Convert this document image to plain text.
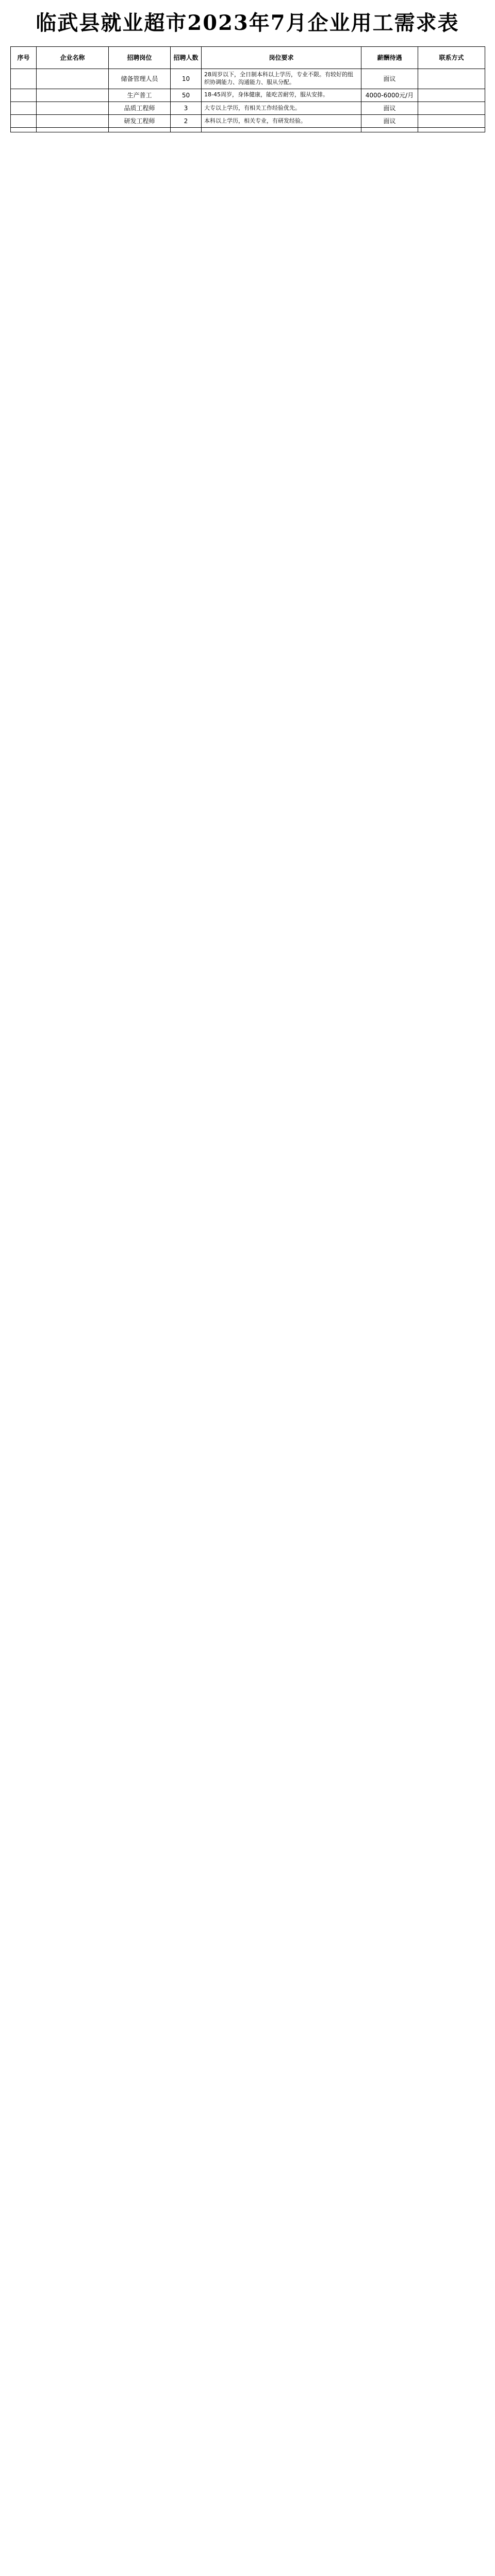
临武县就业超市2023年7月企业用工需求表
序号	企业名称	招聘岗位	招聘人数	岗位要求	薪酬待遇	联系方式
		储备管理人员	10	28周岁以下，全日制本科以上学历，专业不限。有较好的组织协调能力、沟通能力、服从分配。	面议	
		生产普工	50	18-45周岁，身体健康，能吃苦耐劳，服从安排。	4000-6000元/月	
		品质工程师	3	大专以上学历，有相关工作经验优先。	面议	
		研发工程师	2	本科以上学历，相关专业，有研发经验。	面议	
